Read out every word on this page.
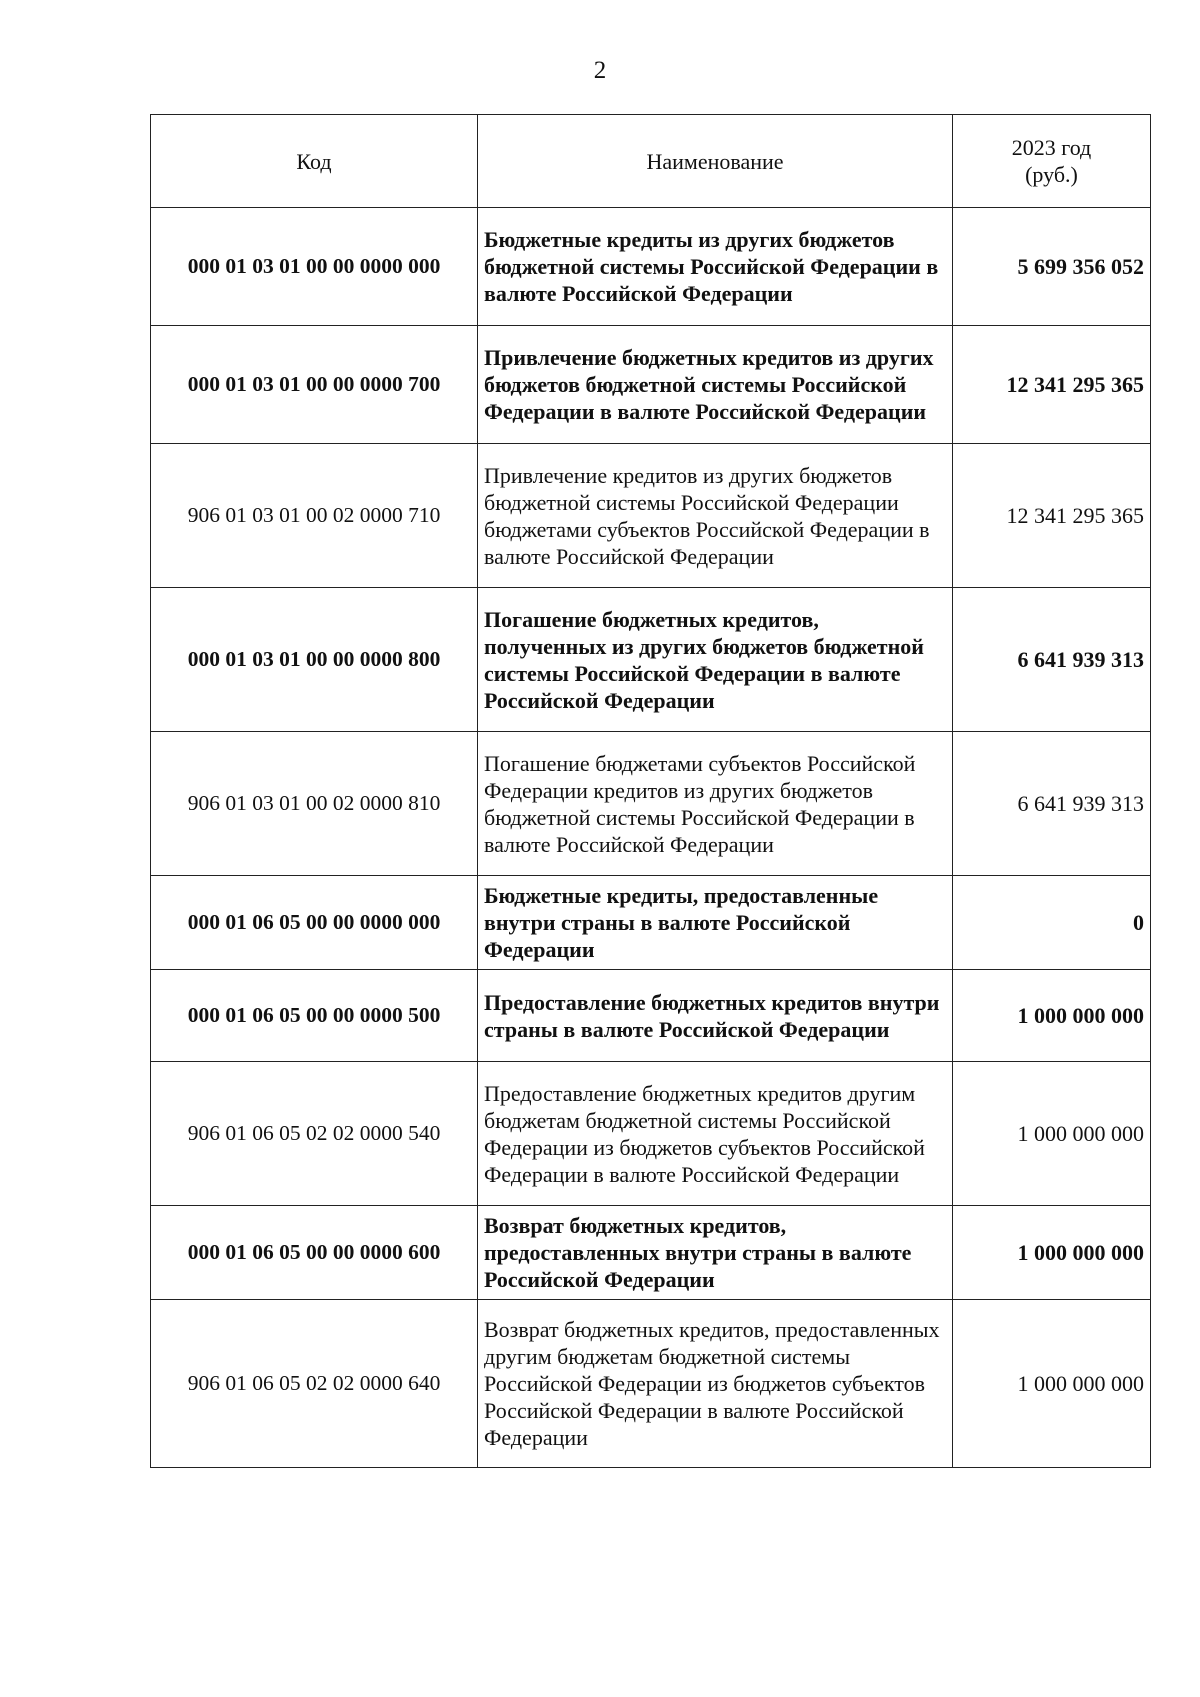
2
Код	Наименование	2023 год
(руб.)
000 01 03 01 00 00 0000 000	Бюджетные кредиты из других бюджетов бюджетной системы Российской Федерации в валюте Российской Федерации	5 699 356 052
000 01 03 01 00 00 0000 700	Привлечение бюджетных кредитов из других бюджетов бюджетной системы Российской Федерации в валюте Российской Федерации	12 341 295 365
906 01 03 01 00 02 0000 710	Привлечение кредитов из других бюджетов бюджетной системы Российской Федерации бюджетами субъектов Российской Федерации в валюте Российской Федерации	12 341 295 365
000 01 03 01 00 00 0000 800	Погашение бюджетных кредитов, полученных из других бюджетов бюджетной системы Российской Федерации в валюте Российской Федерации	6 641 939 313
906 01 03 01 00 02 0000 810	Погашение бюджетами субъектов Российской Федерации кредитов из других бюджетов бюджетной системы Российской Федерации в валюте Российской Федерации	6 641 939 313
000 01 06 05 00 00 0000 000	Бюджетные кредиты, предоставленные внутри страны в валюте Российской Федерации	0
000 01 06 05 00 00 0000 500	Предоставление бюджетных кредитов внутри страны в валюте Российской Федерации	1 000 000 000
906 01 06 05 02 02 0000 540	Предоставление бюджетных кредитов другим бюджетам бюджетной системы Российской Федерации из бюджетов субъектов Российской Федерации в валюте Российской Федерации	1 000 000 000
000 01 06 05 00 00 0000 600	Возврат бюджетных кредитов, предоставленных внутри страны в валюте Российской Федерации	1 000 000 000
906 01 06 05 02 02 0000 640	Возврат бюджетных кредитов, предоставленных другим бюджетам бюджетной системы Российской Федерации из бюджетов субъектов Российской Федерации в валюте Российской Федерации	1 000 000 000
